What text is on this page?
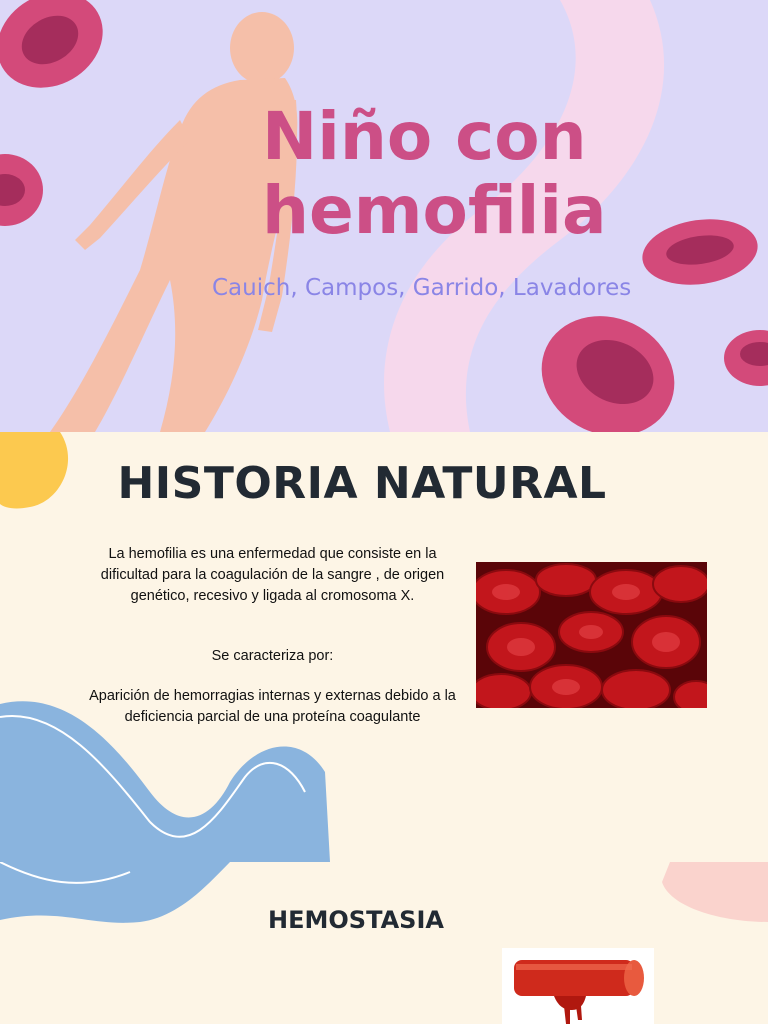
Niño con hemofilia
Cauich, Campos, Garrido, Lavadores
HISTORIA NATURAL
La hemofilia es una enfermedad que consiste en la dificultad para la coagulación de la sangre , de origen genético, recesivo y ligada al cromosoma X.
Se caracteriza por:
Aparición de hemorragias internas y externas debido a la deficiencia parcial de una proteína coagulante
HEMOSTASIA
